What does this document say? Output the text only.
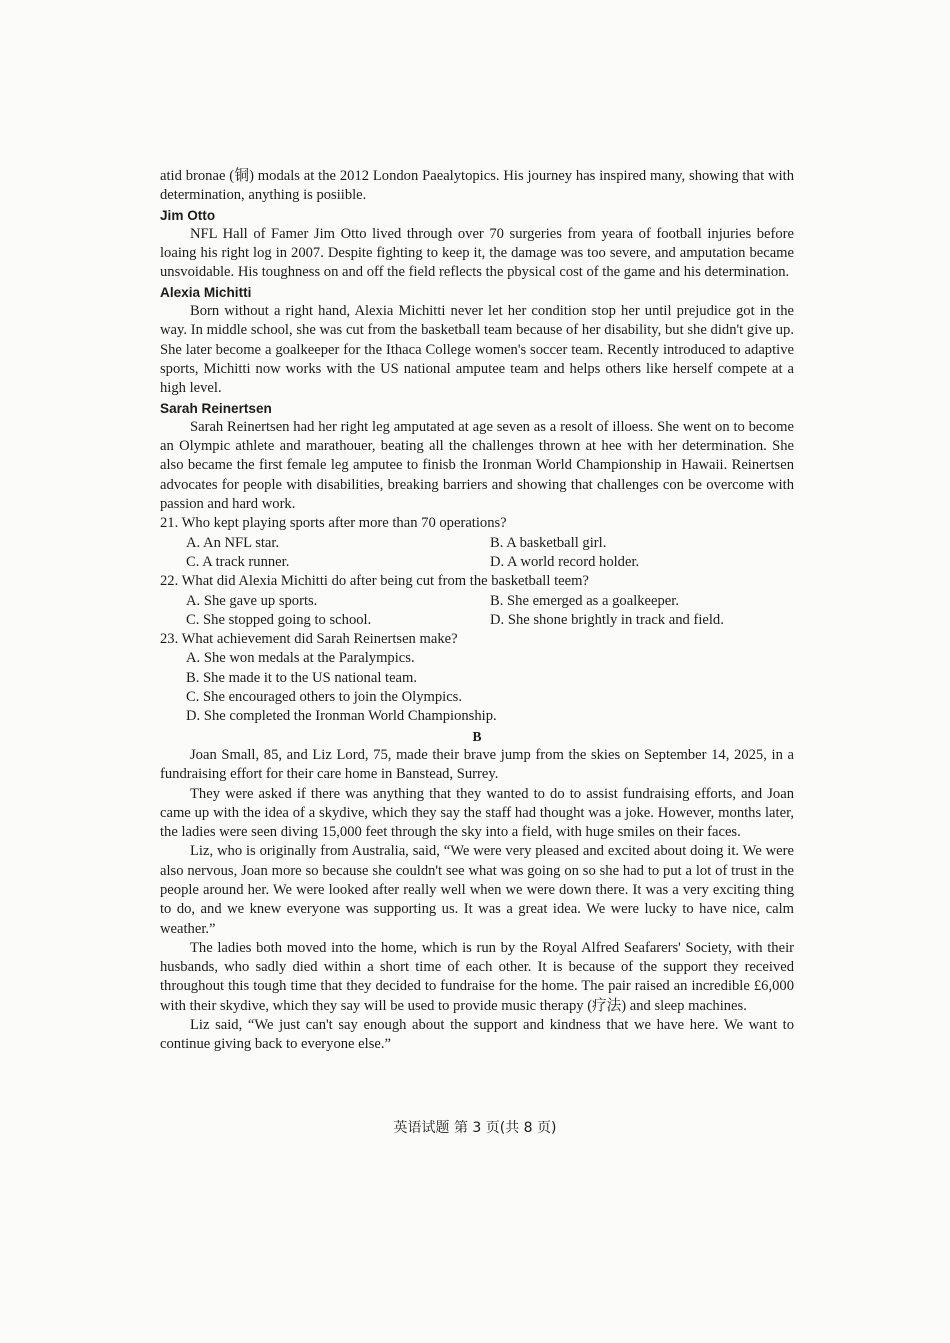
atid bronae (铜) modals at the 2012 London Paealytopics. His journey has inspired many, showing that with determination, anything is posiible.

Jim Otto

NFL Hall of Famer Jim Otto lived through over 70 surgeries from yeara of football injuries before loaing his right log in 2007. Despite fighting to keep it, the damage was too severe, and amputation became unsvoidable. His toughness on and off the field reflects the pbysical cost of the game and his determination.

Alexia Michitti

Born without a right hand, Alexia Michitti never let her condition stop her until prejudice got in the way. In middle school, she was cut from the basketball team because of her disability, but she didn't give up. She later become a goalkeeper for the Ithaca College women's soccer team. Recently introduced to adaptive sports, Michitti now works with the US national amputee team and helps others like herself compete at a high level.

Sarah Reinertsen

Sarah Reinertsen had her right leg amputated at age seven as a resolt of illoess. She went on to become an Olympic athlete and marathouer, beating all the challenges thrown at hee with her determination. She also became the first female leg amputee to finisb the Ironman World Championship in Hawaii. Reinertsen advocates for people with disabilities, breaking barriers and showing that challenges con be overcome with passion and hard work.

21. Who kept playing sports after more than 70 operations?

A. An NFL star.	B. A basketball girl.
C. A track runner.	D. A world record holder.

22. What did Alexia Michitti do after being cut from the basketball teem?

A. She gave up sports.	B. She emerged as a goalkeeper.
C. She stopped going to school.	D. She shone brightly in track and field.

23. What achievement did Sarah Reinertsen make?

A. She won medals at the Paralympics.
B. She made it to the US national team.
C. She encouraged others to join the Olympics.
D. She completed the Ironman World Championship.
B

Joan Small, 85, and Liz Lord, 75, made their brave jump from the skies on September 14, 2025, in a fundraising effort for their care home in Banstead, Surrey.

They were asked if there was anything that they wanted to do to assist fundraising efforts, and Joan came up with the idea of a skydive, which they say the staff had thought was a joke. However, months later, the ladies were seen diving 15,000 feet through the sky into a field, with huge smiles on their faces.

Liz, who is originally from Australia, said, “We were very pleased and excited about doing it. We were also nervous, Joan more so because she couldn't see what was going on so she had to put a lot of trust in the people around her. We were looked after really well when we were down there. It was a very exciting thing to do, and we knew everyone was supporting us. It was a great idea. We were lucky to have nice, calm weather.”

The ladies both moved into the home, which is run by the Royal Alfred Seafarers' Society, with their husbands, who sadly died within a short time of each other. It is because of the support they received throughout this tough time that they decided to fundraise for the home. The pair raised an incredible £6,000 with their skydive, which they say will be used to provide music therapy (疗法) and sleep machines.

Liz said, “We just can't say enough about the support and kindness that we have here. We want to continue giving back to everyone else.”

英语试题 第 3 页(共 8 页)
